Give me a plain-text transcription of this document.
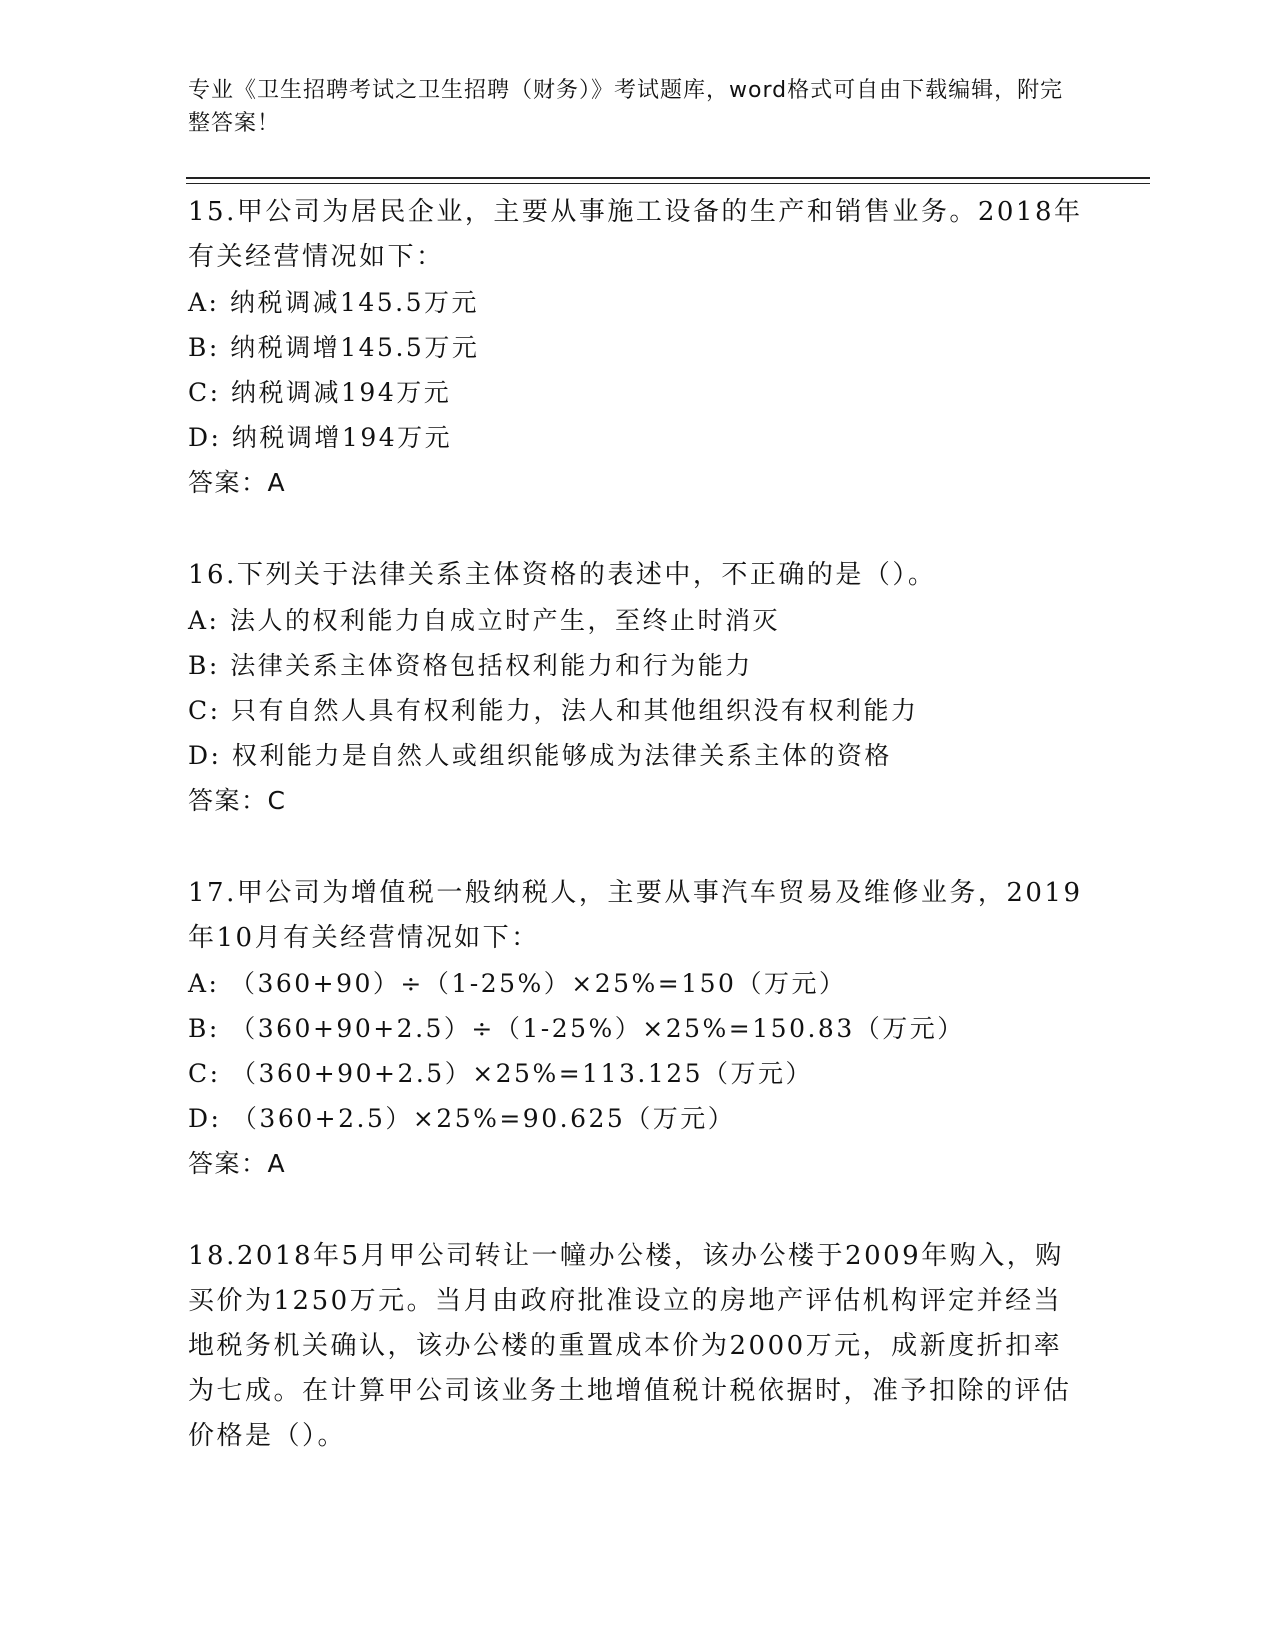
专业《卫生招聘考试之卫生招聘（财务）》考试题库，word格式可自由下载编辑，附完整答案！

15.甲公司为居民企业，主要从事施工设备的生产和销售业务。2018年有关经营情况如下：

A: 纳税调减145.5万元

B: 纳税调增145.5万元

C: 纳税调减194万元

D: 纳税调增194万元

答案：A

16.下列关于法律关系主体资格的表述中，不正确的是（）。

A: 法人的权利能力自成立时产生，至终止时消灭

B: 法律关系主体资格包括权利能力和行为能力

C: 只有自然人具有权利能力，法人和其他组织没有权利能力

D: 权利能力是自然人或组织能够成为法律关系主体的资格

答案：C

17.甲公司为增值税一般纳税人，主要从事汽车贸易及维修业务，2019年10月有关经营情况如下：

A: （360+90）÷（1-25%）×25%=150（万元）

B: （360+90+2.5）÷（1-25%）×25%=150.83（万元）

C: （360+90+2.5）×25%=113.125（万元）

D: （360+2.5）×25%=90.625（万元）

答案：A

18.2018年5月甲公司转让一幢办公楼，该办公楼于2009年购入，购买价为1250万元。当月由政府批准设立的房地产评估机构评定并经当地税务机关确认，该办公楼的重置成本价为2000万元，成新度折扣率为七成。在计算甲公司该业务土地增值税计税依据时，准予扣除的评估价格是（）。
